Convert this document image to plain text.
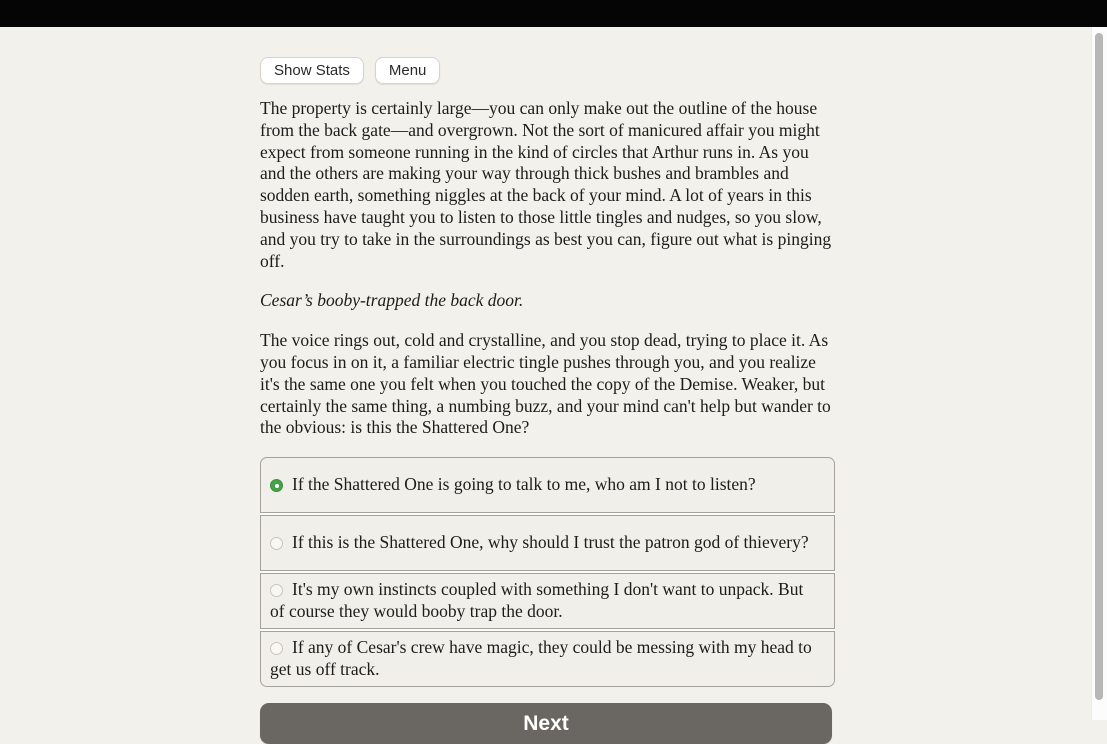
Show Stats	Menu

The property is certainly large—you can only make out the outline of the house from the back gate—and overgrown. Not the sort of manicured affair you might expect from someone running in the kind of circles that Arthur runs in. As you and the others are making your way through thick bushes and brambles and sodden earth, something niggles at the back of your mind. A lot of years in this business have taught you to listen to those little tingles and nudges, so you slow, and you try to take in the surroundings as best you can, figure out what is pinging off.

Cesar’s booby-trapped the back door.

The voice rings out, cold and crystalline, and you stop dead, trying to place it. As you focus in on it, a familiar electric tingle pushes through you, and you realize it's the same one you felt when you touched the copy of the Demise. Weaker, but certainly the same thing, a numbing buzz, and your mind can't help but wander to the obvious: is this the Shattered One?

If the Shattered One is going to talk to me, who am I not to listen?
If this is the Shattered One, why should I trust the patron god of thievery?
It's my own instincts coupled with something I don't want to unpack. But of course they would booby trap the door.
If any of Cesar's crew have magic, they could be messing with my head to get us off track.
Next
